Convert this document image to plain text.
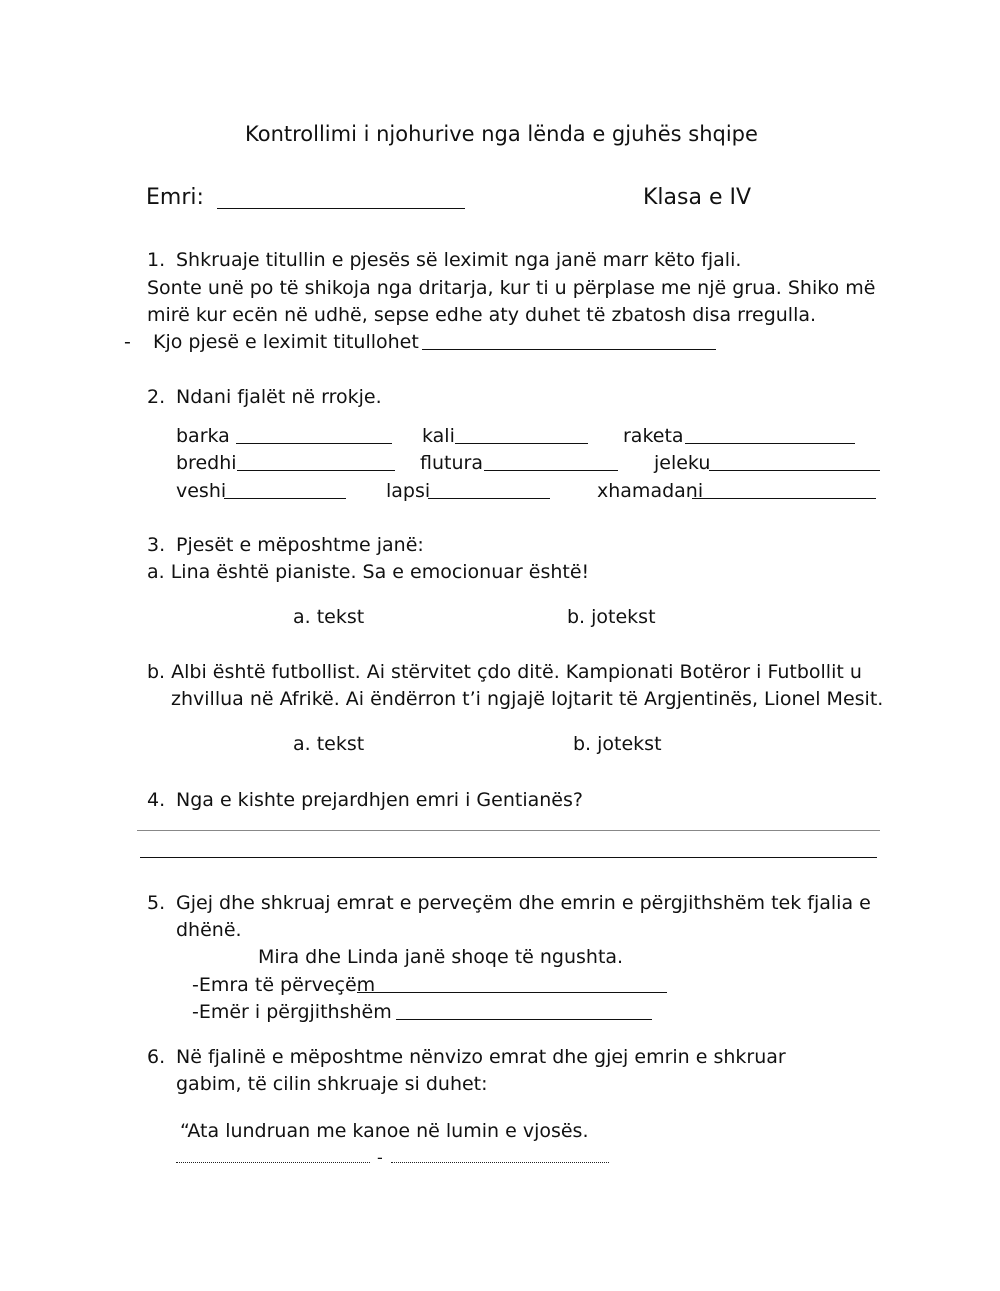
Kontrollimi i njohurive nga lënda e gjuhës shqipe
Emri:	Klasa e IV
1. Shkruaje titullin e pjesës së leximit nga janë marr këto fjali.
Sonte unë po të shikoja nga dritarja, kur ti u përplase me një grua. Shiko më
mirë kur ecën në udhë, sepse edhe aty duhet të zbatosh disa rregulla.
- Kjo pjesë e leximit titullohet
2. Ndani fjalët në rrokje.
barka	kali	raketa
bredhi	flutura	jeleku
veshi	lapsi	xhamadani
3. Pjesët e mëposhtme janë:
a. Lina është pianiste. Sa e emocionuar është!
a. tekst	b. jotekst
b. Albi është futbollist. Ai stërvitet çdo ditë. Kampionati Botëror i Futbollit u
zhvillua në Afrikë. Ai ëndërron t’i ngjajë lojtarit të Argjentinës, Lionel Mesit.
a. tekst	b. jotekst
4. Nga e kishte prejardhjen emri i Gentianës?
5. Gjej dhe shkruaj emrat e perveçëm dhe emrin e përgjithshëm tek fjalia e
dhënë.
Mira dhe Linda janë shoqe të ngushta.
-Emra të përveçëm
-Emër i përgjithshëm
6. Në fjalinë e mëposhtme nënvizo emrat dhe gjej emrin e shkruar
gabim, të cilin shkruaje si duhet:
“Ata lundruan me kanoe në lumin e vjosës.
-
